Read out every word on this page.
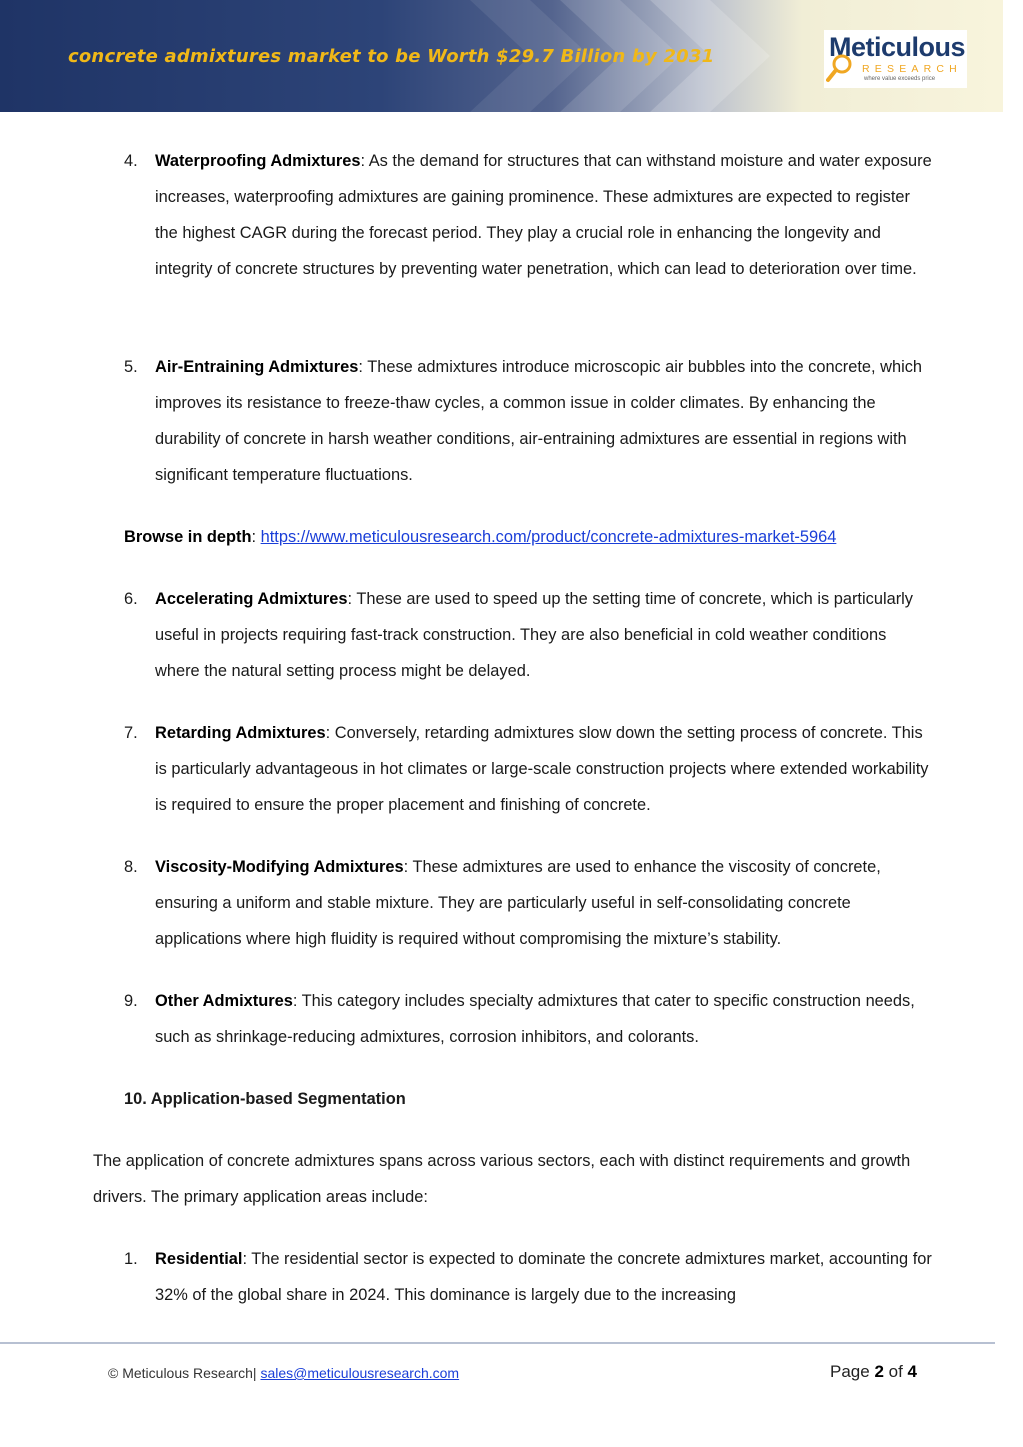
concrete admixtures market to be Worth $29.7 Billion by 2031	Meticulous
RESEARCH
where value exceeds price
4.	Waterproofing Admixtures: As the demand for structures that can withstand moisture and water exposure increases, waterproofing admixtures are gaining prominence. These admixtures are expected to register the highest CAGR during the forecast period. They play a crucial role in enhancing the longevity and integrity of concrete structures by preventing water penetration, which can lead to deterioration over time.
5.	Air-Entraining Admixtures: These admixtures introduce microscopic air bubbles into the concrete, which improves its resistance to freeze-thaw cycles, a common issue in colder climates. By enhancing the durability of concrete in harsh weather conditions, air-entraining admixtures are essential in regions with significant temperature fluctuations.
Browse in depth: https://www.meticulousresearch.com/product/concrete-admixtures-market-5964
6.	Accelerating Admixtures: These are used to speed up the setting time of concrete, which is particularly useful in projects requiring fast-track construction. They are also beneficial in cold weather conditions where the natural setting process might be delayed.
7.	Retarding Admixtures: Conversely, retarding admixtures slow down the setting process of concrete. This is particularly advantageous in hot climates or large-scale construction projects where extended workability is required to ensure the proper placement and finishing of concrete.
8.	Viscosity-Modifying Admixtures: These admixtures are used to enhance the viscosity of concrete, ensuring a uniform and stable mixture. They are particularly useful in self-consolidating concrete applications where high fluidity is required without compromising the mixture’s stability.
9.	Other Admixtures: This category includes specialty admixtures that cater to specific construction needs, such as shrinkage-reducing admixtures, corrosion inhibitors, and colorants.
10. Application-based Segmentation
The application of concrete admixtures spans across various sectors, each with distinct requirements and growth drivers. The primary application areas include:
1.	Residential: The residential sector is expected to dominate the concrete admixtures market, accounting for 32% of the global share in 2024. This dominance is largely due to the increasing
© Meticulous Research| sales@meticulousresearch.com	Page 2 of 4
